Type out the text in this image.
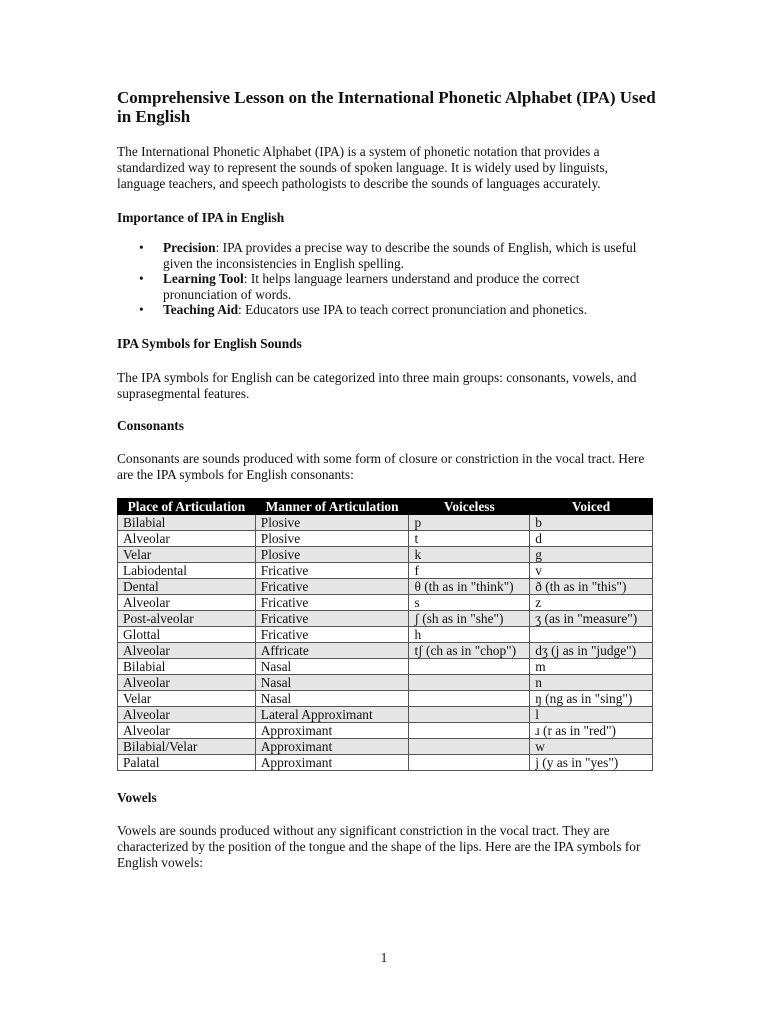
Comprehensive Lesson on the International Phonetic Alphabet (IPA) Used in English

The International Phonetic Alphabet (IPA) is a system of phonetic notation that provides a standardized way to represent the sounds of spoken language. It is widely used by linguists, language teachers, and speech pathologists to describe the sounds of languages accurately.

Importance of IPA in English
• Precision: IPA provides a precise way to describe the sounds of English, which is useful given the inconsistencies in English spelling.
• Learning Tool: It helps language learners understand and produce the correct pronunciation of words.
• Teaching Aid: Educators use IPA to teach correct pronunciation and phonetics.
IPA Symbols for English Sounds

The IPA symbols for English can be categorized into three main groups: consonants, vowels, and suprasegmental features.

Consonants

Consonants are sounds produced with some form of closure or constriction in the vocal tract. Here are the IPA symbols for English consonants:

Place of Articulation	Manner of Articulation	Voiceless	Voiced
Bilabial	Plosive	p	b
Alveolar	Plosive	t	d
Velar	Plosive	k	g
Labiodental	Fricative	f	v
Dental	Fricative	θ (th as in "think")	ð (th as in "this")
Alveolar	Fricative	s	z
Post-alveolar	Fricative	ʃ (sh as in "she")	ʒ (as in "measure")
Glottal	Fricative	h	
Alveolar	Affricate	tʃ (ch as in "chop")	dʒ (j as in "judge")
Bilabial	Nasal		m
Alveolar	Nasal		n
Velar	Nasal		ŋ (ng as in "sing")
Alveolar	Lateral Approximant		l
Alveolar	Approximant		ɹ (r as in "red")
Bilabial/Velar	Approximant		w
Palatal	Approximant		j (y as in "yes")
Vowels

Vowels are sounds produced without any significant constriction in the vocal tract. They are characterized by the position of the tongue and the shape of the lips. Here are the IPA symbols for English vowels:

1
